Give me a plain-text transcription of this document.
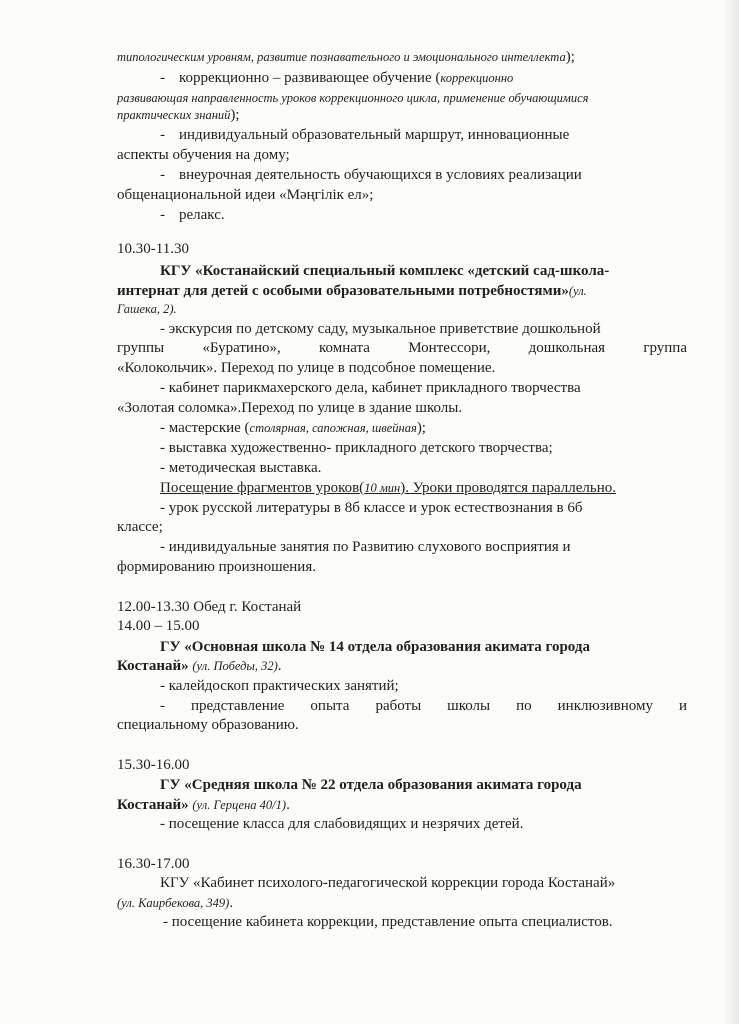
типологическим уровням, развитие познавательного и эмоционального интеллекта);
- коррекционно – развивающее обучение (коррекционно
развивающая направленность уроков коррекционного цикла, применение обучающимися
практических знаний);
- индивидуальный образовательный маршрут, инновационные
аспекты обучения на дому;
- внеурочная деятельность обучающихся в условиях реализации
общенациональной идеи «Мәңгілік ел»;
- релакс.
10.30-11.30
КГУ «Костанайский специальный комплекс «детский сад-школа-
интернат для детей с особыми образовательными потребностями»(ул.
Гашека, 2).
- экскурсия по детскому саду, музыкальное приветствие дошкольной
группы	«Буратино»,	комната	Монтессори,	дошкольная	группа
«Колокольчик». Переход по улице в подсобное помещение.
- кабинет парикмахерского дела, кабинет прикладного творчества
«Золотая соломка».Переход по улице в здание школы.
- мастерские (столярная, сапожная, швейная);
- выставка художественно- прикладного детского творчества;
- методическая выставка.
Посещение фрагментов уроков(10 мин). Уроки проводятся параллельно.
- урок русской литературы в 8б классе и урок естествознания в 6б
классе;
- индивидуальные занятия по Развитию слухового восприятия и
формированию произношения.
12.00-13.30 Обед г. Костанай
14.00 – 15.00
ГУ «Основная школа № 14 отдела образования акимата города
Костанай» (ул. Победы, 32).
- калейдоскоп практических занятий;
- представление опыта работы школы по инклюзивному и
специальному образованию.
15.30-16.00
ГУ «Средняя школа № 22 отдела образования акимата города
Костанай» (ул. Герцена 40/1).
- посещение класса для слабовидящих и незрячих детей.
16.30-17.00
КГУ «Кабинет психолого-педагогической коррекции города Костанай»
(ул. Каирбекова, 349).
- посещение кабинета коррекции, представление опыта специалистов.
